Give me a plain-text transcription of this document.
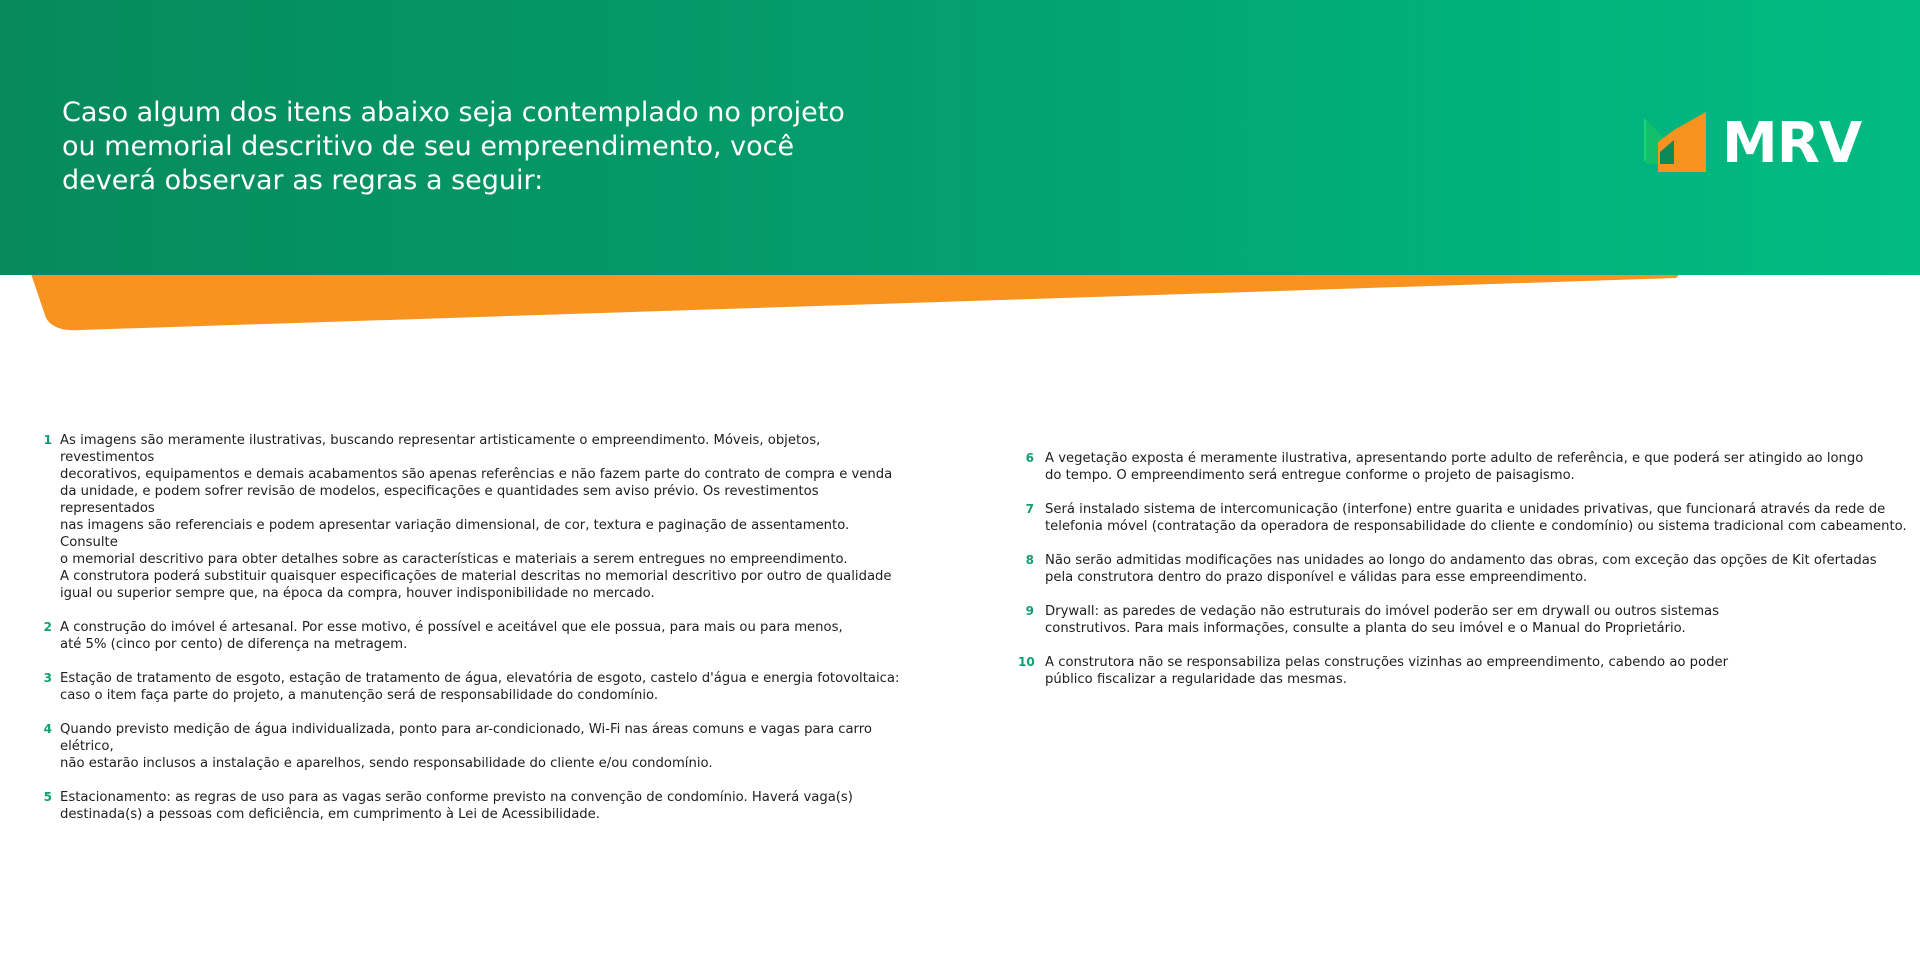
Caso algum dos itens abaixo seja contemplado no projeto
ou memorial descritivo de seu empreendimento, você
deverá observar as regras a seguir:
MRV
1 As imagens são meramente ilustrativas, buscando representar artisticamente o empreendimento. Móveis, objetos, revestimentos
decorativos, equipamentos e demais acabamentos são apenas referências e não fazem parte do contrato de compra e venda
da unidade, e podem sofrer revisão de modelos, especificações e quantidades sem aviso prévio. Os revestimentos representados
nas imagens são referenciais e podem apresentar variação dimensional, de cor, textura e paginação de assentamento. Consulte
o memorial descritivo para obter detalhes sobre as características e materiais a serem entregues no empreendimento.
A construtora poderá substituir quaisquer especificações de material descritas no memorial descritivo por outro de qualidade
igual ou superior sempre que, na época da compra, houver indisponibilidade no mercado.
2 A construção do imóvel é artesanal. Por esse motivo, é possível e aceitável que ele possua, para mais ou para menos,
até 5% (cinco por cento) de diferença na metragem.
3 Estação de tratamento de esgoto, estação de tratamento de água, elevatória de esgoto, castelo d'água e energia fotovoltaica:
caso o item faça parte do projeto, a manutenção será de responsabilidade do condomínio.
4 Quando previsto medição de água individualizada, ponto para ar-condicionado, Wi-Fi nas áreas comuns e vagas para carro
elétrico,
não estarão inclusos a instalação e aparelhos, sendo responsabilidade do cliente e/ou condomínio.
5 Estacionamento: as regras de uso para as vagas serão conforme previsto na convenção de condomínio. Haverá vaga(s)
destinada(s) a pessoas com deficiência, em cumprimento à Lei de Acessibilidade.
6 A vegetação exposta é meramente ilustrativa, apresentando porte adulto de referência, e que poderá ser atingido ao longo
do tempo. O empreendimento será entregue conforme o projeto de paisagismo.
7 Será instalado sistema de intercomunicação (interfone) entre guarita e unidades privativas, que funcionará através da rede de
telefonia móvel (contratação da operadora de responsabilidade do cliente e condomínio) ou sistema tradicional com cabeamento.
8 Não serão admitidas modificações nas unidades ao longo do andamento das obras, com exceção das opções de Kit ofertadas
pela construtora dentro do prazo disponível e válidas para esse empreendimento.
9 Drywall: as paredes de vedação não estruturais do imóvel poderão ser em drywall ou outros sistemas
construtivos. Para mais informações, consulte a planta do seu imóvel e o Manual do Proprietário.
10 A construtora não se responsabiliza pelas construções vizinhas ao empreendimento, cabendo ao poder
público fiscalizar a regularidade das mesmas.
